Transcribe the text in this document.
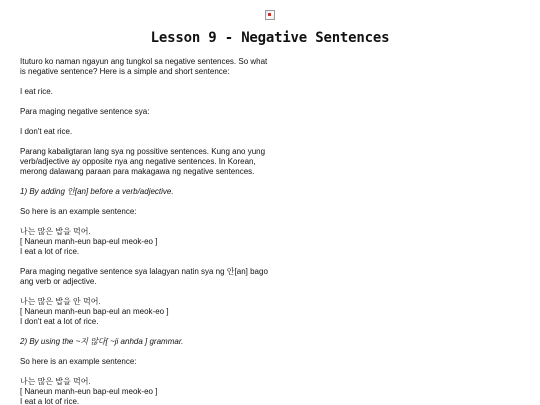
Lesson 9 - Negative Sentences

Ituturo ko naman ngayun ang tungkol sa negative sentences. So what is negative sentence? Here is a simple and short sentence:

I eat rice.

Para maging negative sentence sya:

I don't eat rice.

Parang kabaligtaran lang sya ng possitive sentences. Kung ano yung verb/adjective ay opposite nya ang negative sentences. In Korean, merong dalawang paraan para makagawa ng negative sentences.

1) By adding 안[an] before a verb/adjective.

So here is an example sentence:

나는 많은 밥을 먹어.
[ Naneun manh-eun bap-eul meok-eo ]
I eat a lot of rice.

Para maging negative sentence sya lalagyan natin sya ng 안[an] bago ang verb or adjective.

나는 많은 밥을 안 먹어.
[ Naneun manh-eun bap-eul an meok-eo ]
I don't eat a lot of rice.

2) By using the ~지 않다[ ~ji anhda ] grammar.

So here is an example sentence:

나는 많은 밥을 먹어.
[ Naneun manh-eun bap-eul meok-eo ]
I eat a lot of rice.
